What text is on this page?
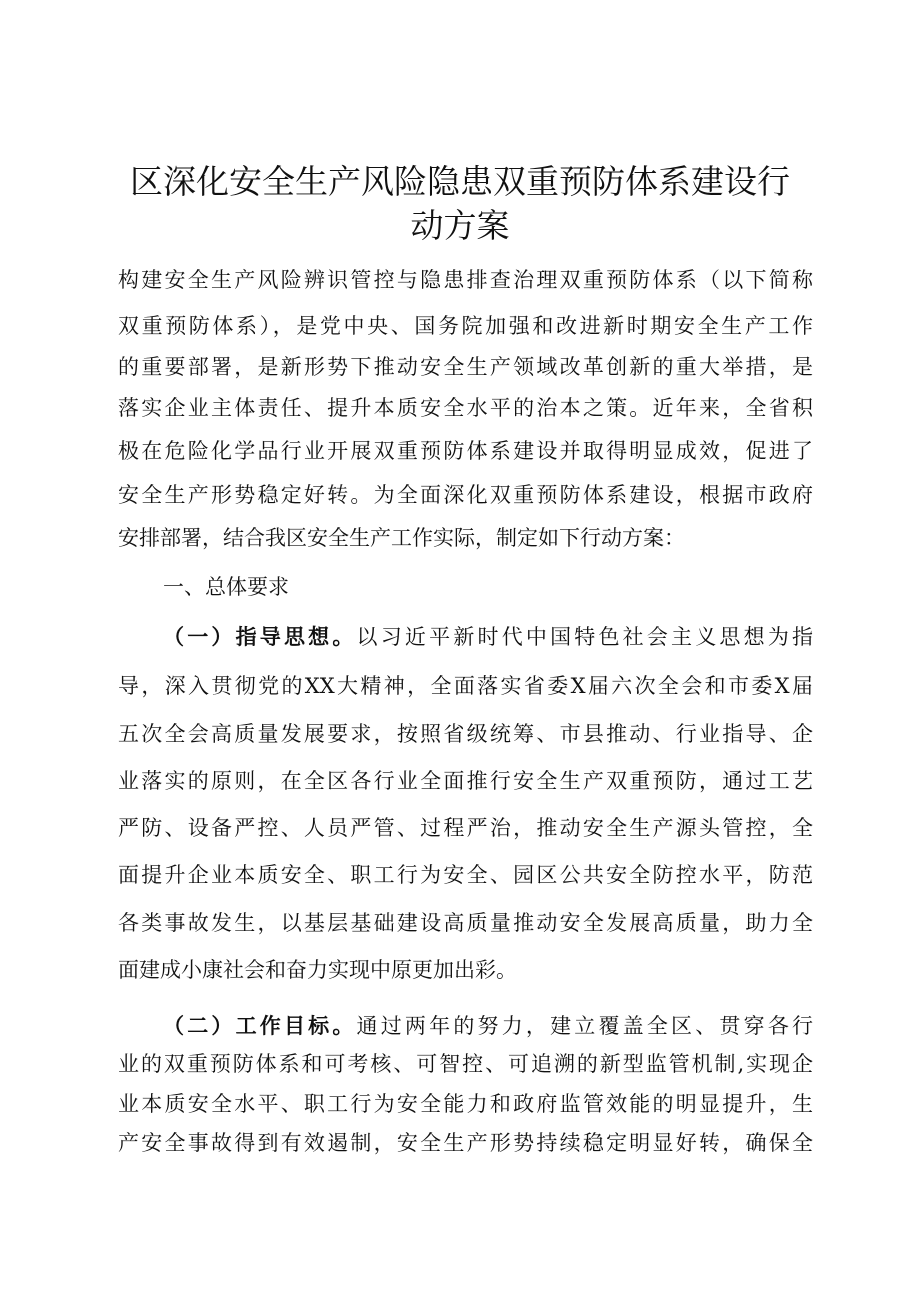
区深化安全生产风险隐患双重预防体系建设行
动方案
构建安全生产风险辨识管控与隐患排查治理双重预防体系（以下简称
双重预防体系），是党中央、国务院加强和改进新时期安全生产工作
的重要部署，是新形势下推动安全生产领域改革创新的重大举措，是
落实企业主体责任、提升本质安全水平的治本之策。近年来，全省积
极在危险化学品行业开展双重预防体系建设并取得明显成效，促进了
安全生产形势稳定好转。为全面深化双重预防体系建设，根据市政府
安排部署，结合我区安全生产工作实际，制定如下行动方案：
一、总体要求
（一）指导思想。以习近平新时代中国特色社会主义思想为指
导，深入贯彻党的XX大精神，全面落实省委X届六次全会和市委X届
五次全会高质量发展要求，按照省级统筹、市县推动、行业指导、企
业落实的原则，在全区各行业全面推行安全生产双重预防，通过工艺
严防、设备严控、人员严管、过程严治，推动安全生产源头管控，全
面提升企业本质安全、职工行为安全、园区公共安全防控水平，防范
各类事故发生，以基层基础建设高质量推动安全发展高质量，助力全
面建成小康社会和奋力实现中原更加出彩。
（二）工作目标。通过两年的努力，建立覆盖全区、贯穿各行
业的双重预防体系和可考核、可智控、可追溯的新型监管机制,实现企
业本质安全水平、职工行为安全能力和政府监管效能的明显提升，生
产安全事故得到有效遏制，安全生产形势持续稳定明显好转，确保全
